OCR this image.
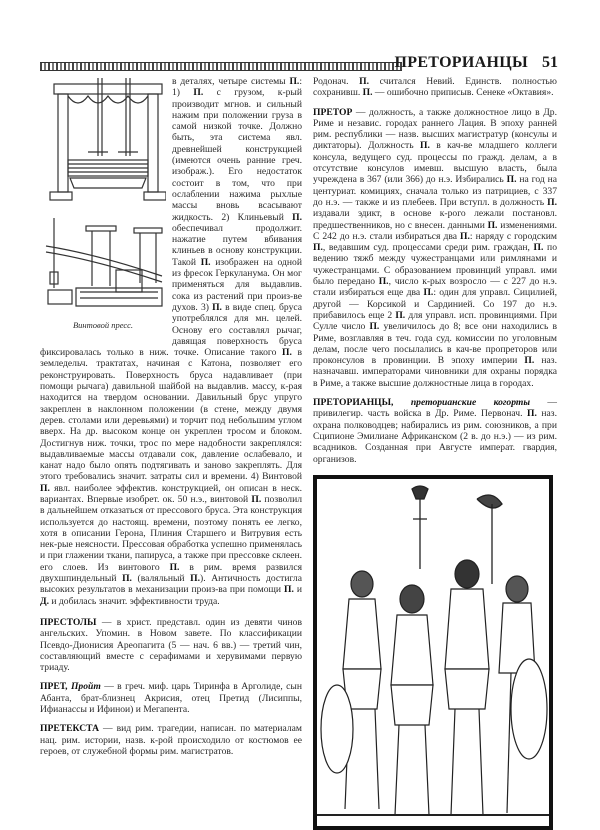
ПРЕТОРИАНЦЫ 51

Винтовой пресс.
в деталях, четыре системы П.: 1) П. с грузом, к-рый производит мгнов. и сильный нажим при положении груза в самой низкой точке. Должно быть, эта система явл. древнейшей конструкцией (имеются очень ранние греч. изображ.). Его недостаток состоит в том, что при ослаблении нажима рыхлые массы вновь всасывают жидкость. 2) Клиньевый П. обеспечивал продолжит. нажатие путем вбивания клиньев в основу конструкции. Такой П. изображен на одной из фресок Геркуланума. Он мог применяться для выдавлив. сока из растений при произ-ве духов. 3) П. в виде спец. бруса употреблялся для мн. целей. Основу его составлял рычаг, давящая поверхность бруса фиксировалась только в ниж. точке. Описание такого П. в земледельч. трактатах, начиная с Катона, позволяет его реконструировать. Поверхность бруса надавливает (при помощи рычага) давильной шайбой на выдавлив. массу, к-рая находится на твердом основании. Давильный брус упруго закреплен в наклонном положении (в стене, между двумя дерев. столами или деревьями) и торчит под небольшим углом вверх. На др. высоком конце он укреплен тросом и блоком. Достигнув ниж. точки, трос по мере надобности закреплялся: выдавливаемые массы отдавали сок, давление ослабевало, и канат надо было опять подтягивать и заново закреплять. Для этого требовались значит. затраты сил и времени. 4) Винтовой П. явл. наиболее эффектив. конструкцией, он описан в неск. вариантах. Впервые изобрет. ок. 50 н.э., винтовой П. позволил в дальнейшем отказаться от прессового бруса. Эта конструкция используется до настоящ. времени, поэтому понять ее легко, хотя в описании Герона, Плиния Старшего и Витрувия есть нек-рые неясности. Прессовая обработка успешно применялась и при глажении ткани, папируса, а также при прессовке склеен. его слоев. Из винтового П. в рим. время развился двухшпиндельный П. (валяльный П.). Античность достигла высоких результатов в механизации произ-ва при помощи П. и Д. и добилась значит. эффективности труда.

ПРЕСТОЛЫ — в христ. представл. один из девяти чинов ангельских. Упомин. в Новом завете. По классификации Псевдо-Дионисия Ареопагита (5 — нач. 6 вв.) — третий чин, составляющий вместе с серафимами и херувимами первую триаду.

ПРЕТ, Пройт — в греч. миф. царь Тиринфа в Арголиде, сын Абанта, брат-близнец Акрисия, отец Претид (Лисиппы, Ифианассы и Ифинои) и Мегапента.

ПРЕТЕКСТА — вид рим. трагедии, написан. по материалам нац. рим. истории, назв. к-рой происходило от костюмов ее героев, от служебной формы рим. магистратов.

Родонач. П. считался Невий. Единств. полностью сохранивш. П. — ошибочно приписыв. Сенеке «Октавия».

ПРЕТОР — должность, а также должностное лицо в Др. Риме и независ. городах раннего Лация. В эпоху ранней рим. республики — назв. высших магистратур (консулы и диктаторы). Должность П. в кач-ве младшего коллеги консула, ведущего суд. процессы по гражд. делам, а в отсутствие консулов имевш. высшую власть, была учреждена в 367 (или 366) до н.э. Избирались П. на год на центуриат. комициях, сначала только из патрициев, с 337 до н.э. — также и из плебеев. При вступл. в должность П. издавали эдикт, в основе к-рого лежали постановл. предшественников, но с внесен. данными П. изменениями. С 242 до н.э. стали избираться два П.: наряду с городским П., ведавшим суд. процессами среди рим. граждан, П. по ведению тяжб между чужестранцами или римлянами и чужестранцами. С образованием провинций управл. ими было передано П., число к-рых возросло — с 227 до н.э. стали избираться еще два П.: один для управл. Сицилией, другой — Корсикой и Сардинией. Со 197 до н.э. прибавилось еще 2 П. для управл. исп. провинциями. При Сулле число П. увеличилось до 8; все они находились в Риме, возглавляя в теч. года суд. комиссии по уголовным делам, после чего посылались в кач-ве пропреторов или проконсулов в провинции. В эпоху империи П. наз. назначавш. императорами чиновники для охраны порядка в Риме, а также высшие должностные лица в городах.

ПРЕТОРИАНЦЫ, преторианские когорты — привилегир. часть войска в Др. Риме. Первонач. П. наз. охрана полководцев; набирались из рим. союзников, а при Сципионе Эмилиане Африканском (2 в. до н.э.) — из рим. всадников. Созданная при Августе императ. гвардия, организов.
